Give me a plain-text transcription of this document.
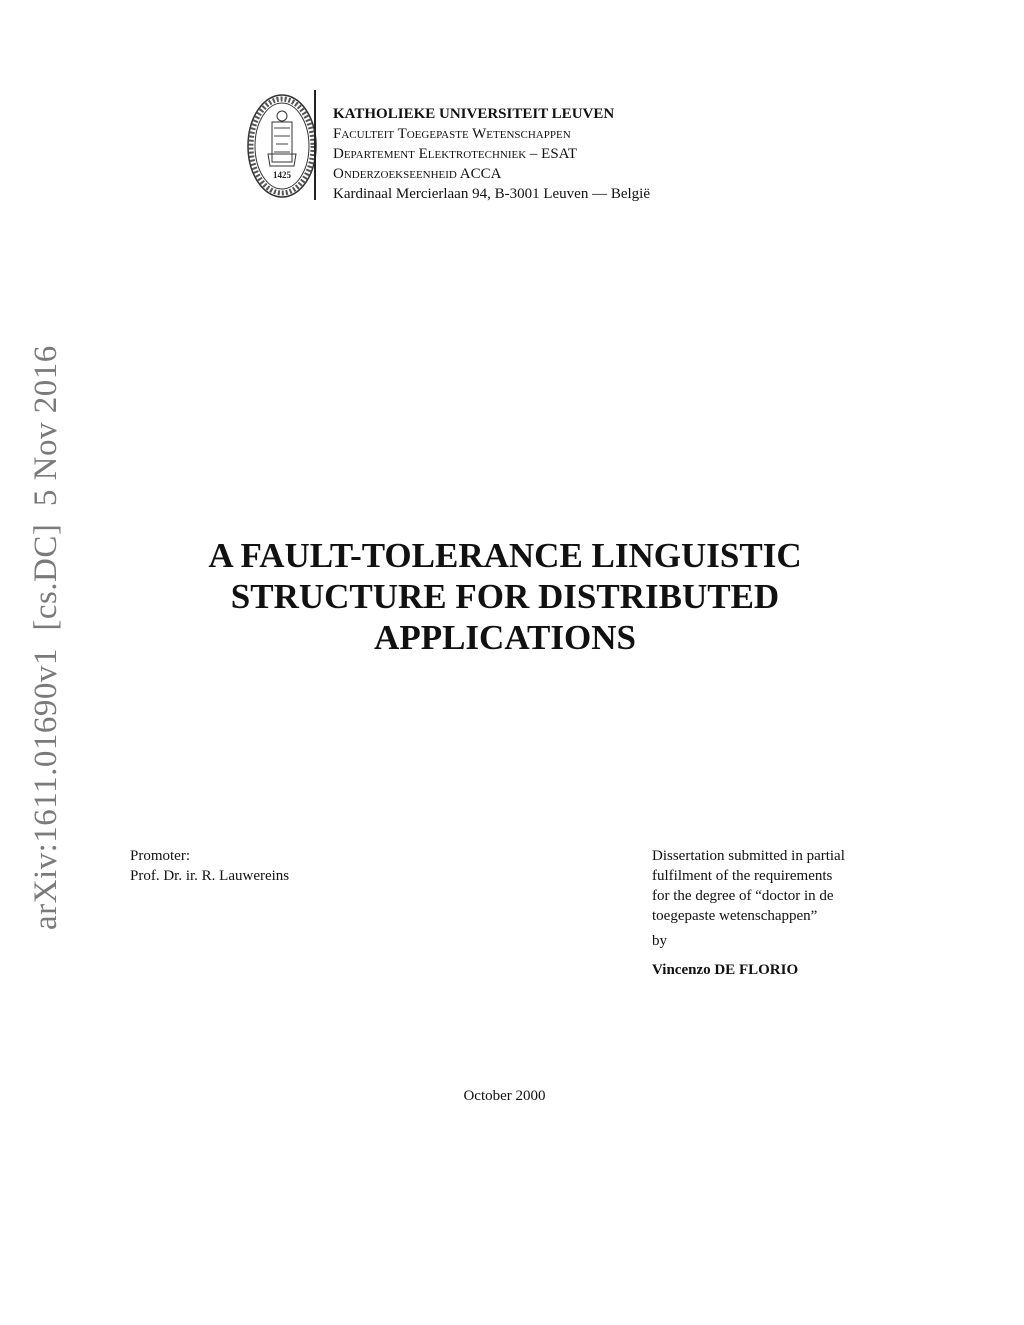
arXiv:1611.01690v1  [cs.DC]  5 Nov 2016
1425
KATHOLIEKE UNIVERSITEIT LEUVEN
Faculteit Toegepaste Wetenschappen
Departement Elektrotechniek – ESAT
Onderzoekseenheid ACCA
Kardinaal Mercierlaan 94, B-3001 Leuven — België
A FAULT-TOLERANCE LINGUISTIC
STRUCTURE FOR DISTRIBUTED
APPLICATIONS
Promoter:
Prof. Dr. ir. R. Lauwereins
Dissertation submitted in partial
fulfilment of the requirements
for the degree of “doctor in de
toegepaste wetenschappen”
by
Vincenzo DE FLORIO
October 2000
